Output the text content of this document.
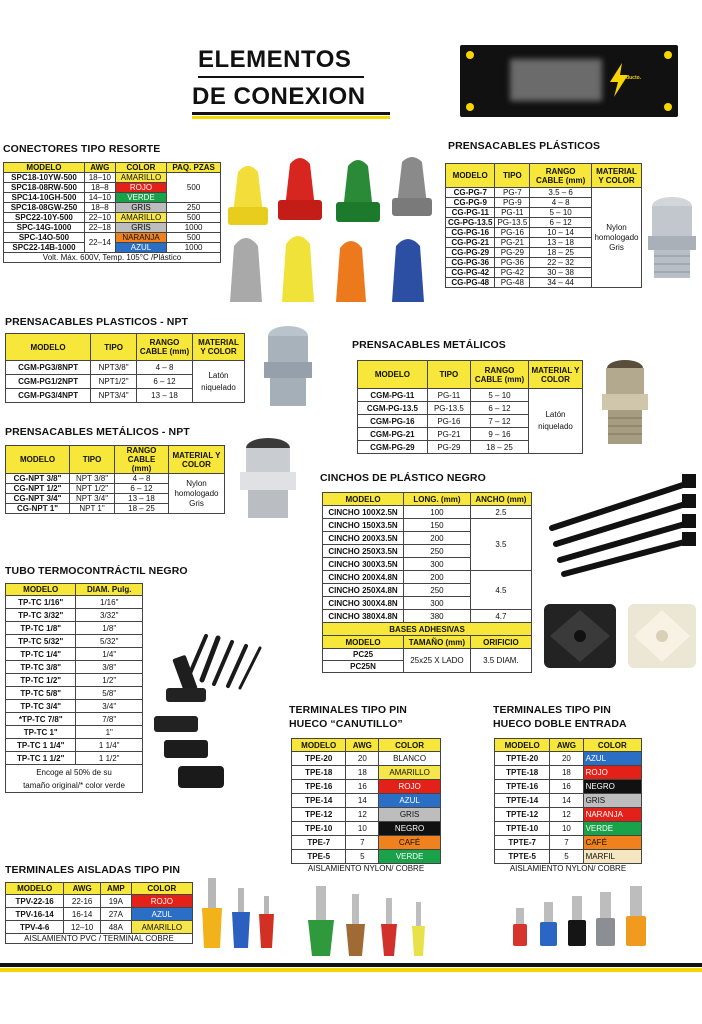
ELEMENTOS
DE CONEXION
producto.
CONECTORES TIPO RESORTE
MODELO	AWG	COLOR	PAQ. PZAS
SPC18-10YW-500	18–10	AMARILLO	500
SPC18-08RW-500	18–8	ROJO	
SPC14-10GH-500	14–10	VERDE	
SPC18-08GW-250	18–8	GRIS	250
SPC22-10Y-500	22–10	AMARILLO	500
SPC-14G-1000	22–18	GRIS	1000
SPC-14O-500	22–14	NARANJA	500
SPC22-14B-1000		AZUL	1000
Volt. Máx. 600V, Temp. 105°C /Plástico			
PRENSACABLES PLÁSTICOS
MODELO	TIPO	RANGO CABLE (mm)	MATERIAL Y COLOR
CG-PG-7	PG-7	3.5 – 6	Nylon homologado Gris
CG-PG-9	PG-9	4 – 8	
CG-PG-11	PG-11	5 – 10	
CG-PG-13.5	PG-13.5	6 – 12	
CG-PG-16	PG-16	10 – 14	
CG-PG-21	PG-21	13 – 18	
CG-PG-29	PG-29	18 – 25	
CG-PG-36	PG-36	22 – 32	
CG-PG-42	PG-42	30 – 38	
CG-PG-48	PG-48	34 – 44	
PRENSACABLES PLASTICOS - NPT
MODELO	TIPO	RANGO CABLE (mm)	MATERIAL Y COLOR
CGM-PG3/8NPT	NPT3/8"	4 – 8	Latón niquelado
CGM-PG1/2NPT	NPT1/2"	6 – 12	
CGM-PG3/4NPT	NPT3/4"	13 – 18	
PRENSACABLES METÁLICOS
MODELO	TIPO	RANGO CABLE (mm)	MATERIAL Y COLOR
CGM-PG-11	PG-11	5 – 10	Latón niquelado
CGM-PG-13.5	PG-13.5	6 – 12	
CGM-PG-16	PG-16	7 – 12	
CGM-PG-21	PG-21	9 – 16	
CGM-PG-29	PG-29	18 – 25	
PRENSACABLES METÁLICOS - NPT
MODELO	TIPO	RANGO CABLE (mm)	MATERIAL Y COLOR
CG-NPT 3/8"	NPT 3/8"	4 – 8	Nylon homologado Gris
CG-NPT 1/2"	NPT 1/2"	6 – 12	
CG-NPT 3/4"	NPT 3/4"	13 – 18	
CG-NPT 1"	NPT 1"	18 – 25	
CINCHOS DE PLÁSTICO NEGRO
MODELO	LONG. (mm)	ANCHO (mm)
CINCHO 100X2.5N	100	2.5
CINCHO 150X3.5N	150	3.5
CINCHO 200X3.5N	200	
CINCHO 250X3.5N	250	
CINCHO 300X3.5N	300	
CINCHO 200X4.8N	200	4.5
CINCHO 250X4.8N	250	
CINCHO 300X4.8N	300	
CINCHO 380X4.8N	380	4.7
BASES ADHESIVAS		
MODELO	TAMAÑO (mm)	ORIFICIO
PC25	25x25 X LADO	3.5 DIAM.
PC25N		
TUBO TERMOCONTRÁCTIL NEGRO
MODELO	DIAM. Pulg.
TP-TC 1/16"	1/16"
TP-TC 3/32"	3/32"
TP-TC 1/8"	1/8"
TP-TC 5/32"	5/32"
TP-TC 1/4"	1/4"
TP-TC 3/8"	3/8"
TP-TC 1/2"	1/2"
TP-TC 5/8"	5/8"
TP-TC 3/4"	3/4"
*TP-TC 7/8"	7/8"
TP-TC 1"	1"
TP-TC 1 1/4"	1 1/4"
TP-TC 1 1/2"	1 1/2"
Encoge al 50% de su
tamaño original/* color verde	
TERMINALES TIPO PIN
HUECO “CANUTILLO”
MODELO	AWG	COLOR
TPE-20	20	BLANCO
TPE-18	18	AMARILLO
TPE-16	16	ROJO
TPE-14	14	AZUL
TPE-12	12	GRIS
TPE-10	10	NEGRO
TPE-7	7	CAFÉ
TPE-5	5	VERDE
AISLAMIENTO NYLON/ COBRE		
TERMINALES TIPO PIN
HUECO DOBLE ENTRADA
MODELO	AWG	COLOR
TPTE-20	20	AZUL
TPTE-18	18	ROJO
TPTE-16	16	NEGRO
TPTE-14	14	GRIS
TPTE-12	12	NARANJA
TPTE-10	10	VERDE
TPTE-7	7	CAFÉ
TPTE-5	5	MARFIL
AISLAMIENTO NYLON/ COBRE		
TERMINALES AISLADAS TIPO PIN
MODELO	AWG	AMP	COLOR
TPV-22-16	22-16	19A	ROJO
TPV-16-14	16-14	27A	AZUL
TPV-4-6	12–10	48A	AMARILLO
AISLAMIENTO PVC / TERMINAL COBRE			
